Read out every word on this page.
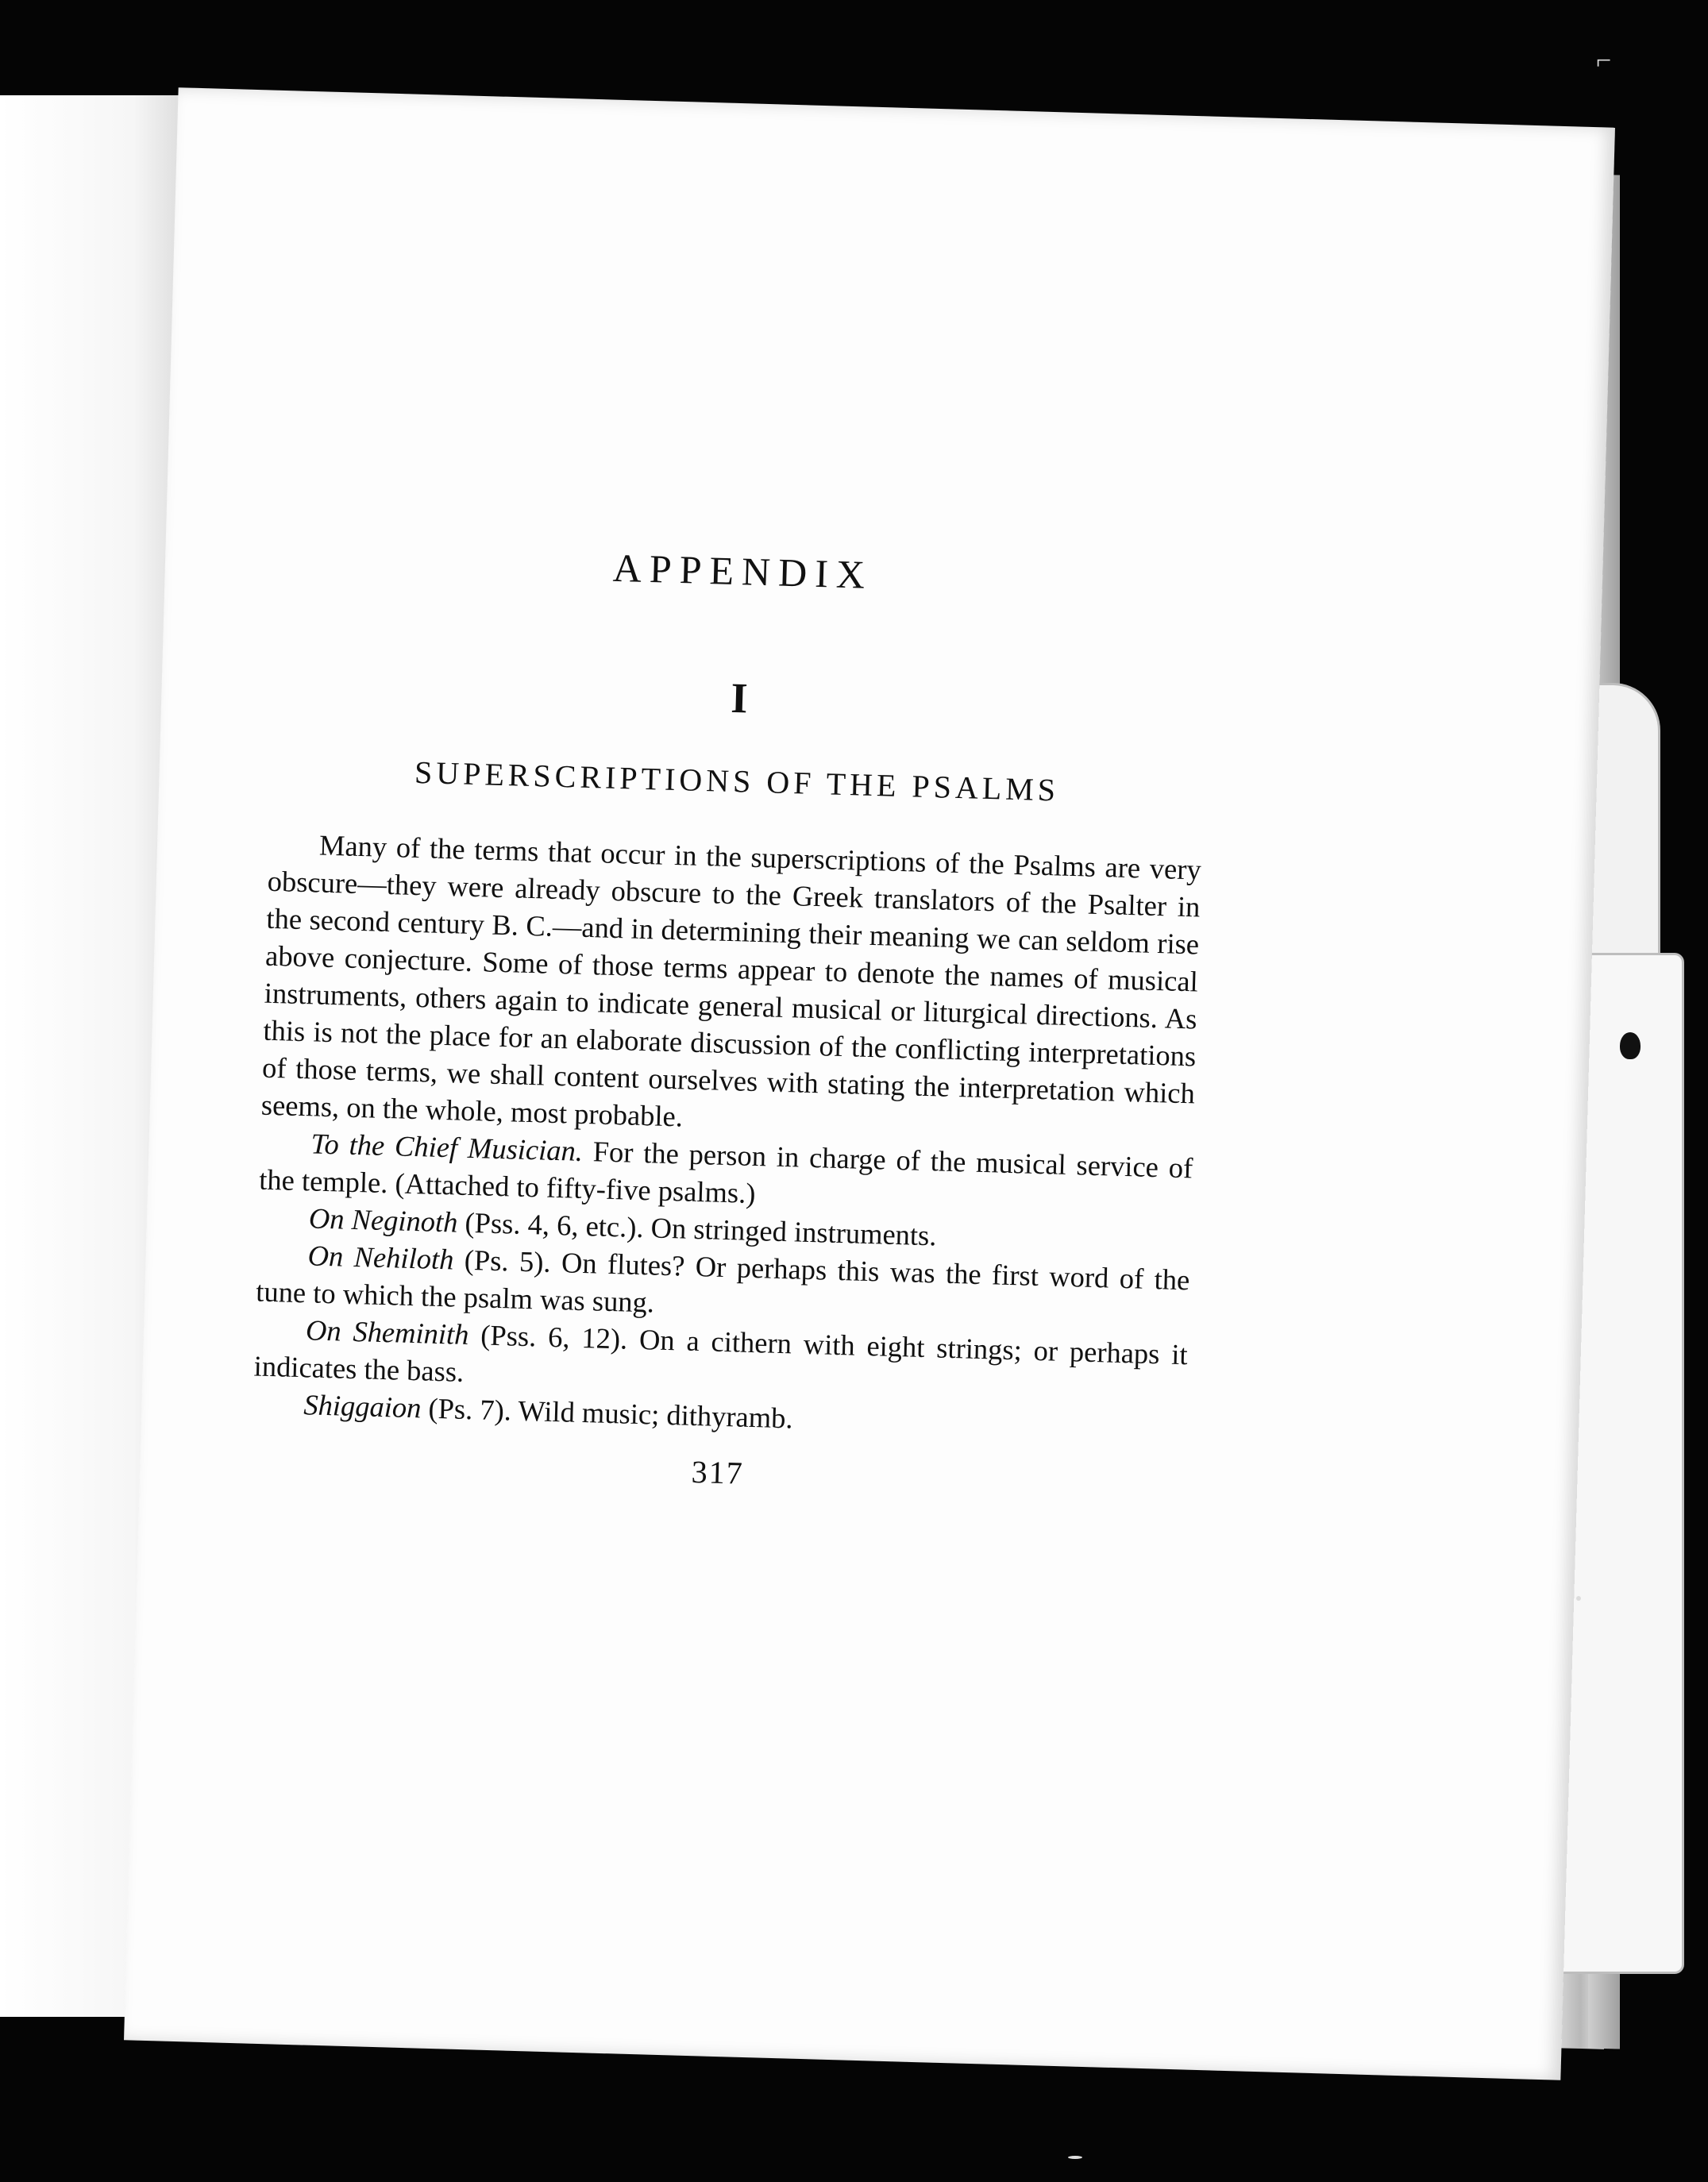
APPENDIX
I
SUPERSCRIPTIONS OF THE PSALMS

Many of the terms that occur in the superscriptions of the Psalms are very obscure—they were already obscure to the Greek translators of the Psalter in the second century B. C.—and in determining their meaning we can seldom rise above conjecture. Some of those terms appear to denote the names of musical instruments, others again to indicate general musical or liturgical directions. As this is not the place for an elaborate discussion of the conflicting interpretations of those terms, we shall content ourselves with stating the interpretation which seems, on the whole, most probable.

To the Chief Musician. For the person in charge of the musical service of the temple. (Attached to fifty-five psalms.)

On Neginoth (Pss. 4, 6, etc.). On stringed instruments.

On Nehiloth (Ps. 5). On flutes? Or perhaps this was the first word of the tune to which the psalm was sung.

On Sheminith (Pss. 6, 12). On a cithern with eight strings; or perhaps it indicates the bass.

Shiggaion (Ps. 7). Wild music; dithyramb.

317
⌐
